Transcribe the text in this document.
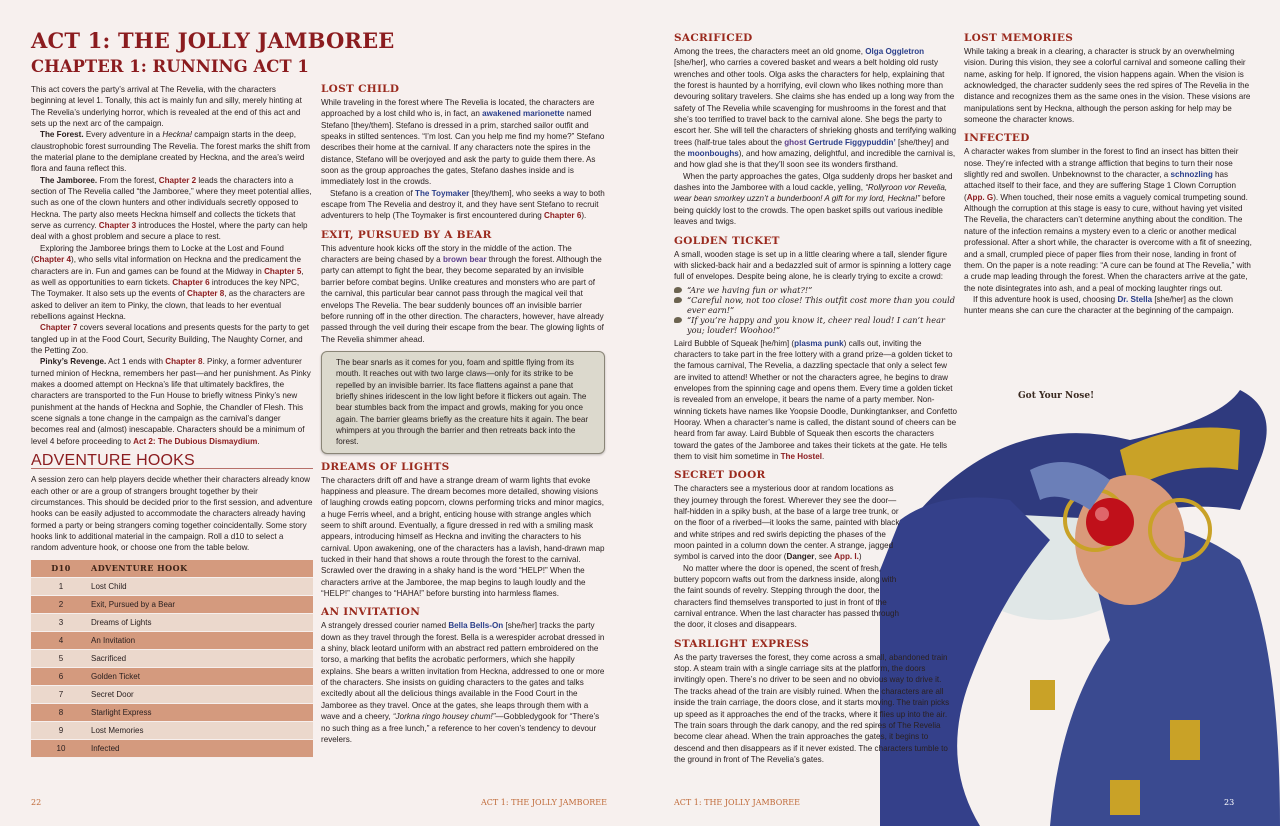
ACT 1: THE JOLLY JAMBOREE
CHAPTER 1: RUNNING ACT 1

This act covers the party’s arrival at The Revelia, with the characters beginning at level 1. Tonally, this act is mainly fun and silly, merely hinting at The Revelia’s underlying horror, which is revealed at the end of this act and sets up the next arc of the campaign.

The Forest. Every adventure in a Heckna! campaign starts in the deep, claustrophobic forest surrounding The Revelia. The forest marks the shift from the material plane to the demiplane created by Heckna, and the area’s weird flora and fauna reflect this.

The Jamboree. From the forest, Chapter 2 leads the characters into a section of The Revelia called “the Jamboree,” where they meet potential allies, such as one of the clown hunters and other individuals secretly opposed to Heckna. The party also meets Heckna himself and collects the tickets that serve as currency. Chapter 3 introduces the Hostel, where the party can help deal with a ghost problem and secure a place to rest.

Exploring the Jamboree brings them to Locke at the Lost and Found (Chapter 4), who sells vital information on Heckna and the predicament the characters are in. Fun and games can be found at the Midway in Chapter 5, as well as opportunities to earn tickets. Chapter 6 introduces the key NPC, The Toymaker. It also sets up the events of Chapter 8, as the characters are asked to deliver an item to Pinky, the clown, that leads to her eventual rebellions against Heckna.

Chapter 7 covers several locations and presents quests for the party to get tangled up in at the Food Court, Security Building, The Naughty Corner, and the Petting Zoo.

Pinky’s Revenge. Act 1 ends with Chapter 8. Pinky, a former adventurer turned minion of Heckna, remembers her past—and her punishment. As Pinky makes a doomed attempt on Heckna’s life that ultimately backfires, the characters are transported to the Fun House to briefly witness Pinky’s new punishment at the hands of Heckna and Sophie, the Chandler of Flesh. This scene signals a tone change in the campaign as the carnival’s danger becomes real and (almost) inescapable. Characters should be a minimum of level 4 before proceeding to Act 2: The Dubious Dismaydium.

ADVENTURE HOOKS

A session zero can help players decide whether their characters already know each other or are a group of strangers brought together by their circumstances. This should be decided prior to the first session, and adventure hooks can be easily adjusted to accommodate the characters already having formed a party or being strangers coming together coincidentally. Some story hooks link to additional material in the campaign. Roll a d10 to select a random adventure hook, or choose one from the table below.

D10	ADVENTURE HOOK
1	Lost Child
2	Exit, Pursued by a Bear
3	Dreams of Lights
4	An Invitation
5	Sacrificed
6	Golden Ticket
7	Secret Door
8	Starlight Express
9	Lost Memories
10	Infected
LOST CHILD

While traveling in the forest where The Revelia is located, the characters are approached by a lost child who is, in fact, an awakened marionette named Stefano [they/them]. Stefano is dressed in a prim, starched sailor outfit and speaks in stilted sentences. “I’m lost. Can you help me find my home?” Stefano describes their home at the carnival. If any characters note the spires in the distance, Stefano will be overjoyed and ask the party to guide them there. As soon as the group approaches the gates, Stefano dashes inside and is immediately lost in the crowds.

Stefano is a creation of The Toymaker [they/them], who seeks a way to both escape from The Revelia and destroy it, and they have sent Stefano to recruit adventurers to help (The Toymaker is first encountered during Chapter 6).

EXIT, PURSUED BY A BEAR

This adventure hook kicks off the story in the middle of the action. The characters are being chased by a brown bear through the forest. Although the party can attempt to fight the bear, they become separated by an invisible barrier before combat begins. Unlike creatures and monsters who are part of the carnival, this particular bear cannot pass through the magical veil that envelops The Revelia. The bear suddenly bounces off an invisible barrier before running off in the other direction. The characters, however, have already passed through the veil during their escape from the bear. The glowing lights of The Revelia shimmer ahead.

The bear snarls as it comes for you, foam and spittle flying from its mouth. It reaches out with two large claws—only for its strike to be repelled by an invisible barrier. Its face flattens against a pane that briefly shines iridescent in the low light before it flickers out again. The bear stumbles back from the impact and growls, making for you once again. The barrier gleams briefly as the creature hits it again. The bear whimpers at you through the barrier and then retreats back into the forest.
DREAMS OF LIGHTS

The characters drift off and have a strange dream of warm lights that evoke happiness and pleasure. The dream becomes more detailed, showing visions of laughing crowds eating popcorn, clowns performing tricks and minor magics, a huge Ferris wheel, and a bright, enticing house with strange angles which seem to shift around. Eventually, a figure dressed in red with a smiling mask appears, introducing himself as Heckna and inviting the characters to his carnival. Upon awakening, one of the characters has a lavish, hand-drawn map tucked in their hand that shows a route through the forest to the carnival. Scrawled over the drawing in a shaky hand is the word “HELP!” When the characters arrive at the Jamboree, the map begins to laugh loudly and the “HELP!” changes to “HAHA!” before bursting into harmless flames.

AN INVITATION

A strangely dressed courier named Bella Bells-On [she/her] tracks the party down as they travel through the forest. Bella is a werespider acrobat dressed in a shiny, black leotard uniform with an abstract red pattern embroidered on the torso, a marking that befits the acrobatic performers, which she happily explains. She bears a written invitation from Heckna, addressed to one or more of the characters. She insists on guiding characters to the gates and talks excitedly about all the delicious things available in the Food Court in the Jamboree as they travel. Once at the gates, she leaps through them with a wave and a cheery, “Jorkna ringo housey chum!”—Gobbledygook for “There’s no such thing as a free lunch,” a reference to her coven’s tendency to devour revelers.

22	ACT 1: THE JOLLY JAMBOREE
Got Your Nose!
SACRIFICED

Among the trees, the characters meet an old gnome, Olga Oggletron [she/her], who carries a covered basket and wears a belt holding old rusty wrenches and other tools. Olga asks the characters for help, explaining that the forest is haunted by a horrifying, evil clown who likes nothing more than devouring solitary travelers. She claims she has ended up a long way from the safety of The Revelia while scavenging for mushrooms in the forest and that she’s too terrified to travel back to the carnival alone. She begs the party to escort her. She will tell the characters of shrieking ghosts and terrifying walking trees (half-true tales about the ghost Gertrude Figgypuddin’ [she/they] and the moonboughs), and how amazing, delightful, and incredible the carnival is, and how glad she is that they’ll soon see its wonders firsthand.

When the party approaches the gates, Olga suddenly drops her basket and dashes into the Jamboree with a loud cackle, yelling, “Rollyroon vor Revelia, wear bean smorkey uzzn’t a bunderboon! A gift for my lord, Heckna!” before being quickly lost to the crowds. The open basket spills out various inedible leaves and twigs.

GOLDEN TICKET

A small, wooden stage is set up in a little clearing where a tall, slender figure with slicked-back hair and a bedazzled suit of armor is spinning a lottery cage full of envelopes. Despite being alone, he is clearly trying to excite a crowd:

“Are we having fun or what?!”
“Careful now, not too close! This outfit cost more than you could ever earn!”
“If you’re happy and you know it, cheer real loud! I can’t hear you; louder! Woohoo!”

Laird Bubble of Squeak [he/him] (plasma punk) calls out, inviting the characters to take part in the free lottery with a grand prize—a golden ticket to the famous carnival, The Revelia, a dazzling spectacle that only a select few are invited to attend! Whether or not the characters agree, he begins to draw envelopes from the spinning cage and opens them. Every time a golden ticket is revealed from an envelope, it bears the name of a party member. Non-winning tickets have names like Yoopsie Doodle, Dunkingtankser, and Confetto Hooray. When a character’s name is called, the distant sound of cheers can be heard from far away. Laird Bubble of Squeak then escorts the characters toward the gates of the Jamboree and takes their tickets at the gate. He tells them to visit him sometime in The Hostel.

SECRET DOOR

The characters see a mysterious door at random locations as they journey through the forest. Wherever they see the door—half-hidden in a spiky bush, at the base of a large tree trunk, or on the floor of a riverbed—it looks the same, painted with black and white stripes and red swirls depicting the phases of the moon painted in a column down the center. A strange, jagged symbol is carved into the door (Danger, see App. I.)

No matter where the door is opened, the scent of fresh, buttery popcorn wafts out from the darkness inside, along with the faint sounds of revelry. Stepping through the door, the characters find themselves transported to just in front of the carnival entrance. When the last character has passed through the door, it closes and disappears.

STARLIGHT EXPRESS

As the party traverses the forest, they come across a small, abandoned train stop. A steam train with a single carriage sits at the platform, the doors invitingly open. There’s no driver to be seen and no obvious way to drive it. The tracks ahead of the train are visibly ruined. When the characters are all inside the train carriage, the doors close, and it starts moving. The train picks up speed as it approaches the end of the tracks, where it flies up into the air. The train soars through the dark canopy, and the red spires of The Revelia become clear ahead. When the train approaches the gates, it begins to descend and then disappears as if it never existed. The characters tumble to the ground in front of The Revelia’s gates.

LOST MEMORIES

While taking a break in a clearing, a character is struck by an overwhelming vision. During this vision, they see a colorful carnival and someone calling their name, asking for help. If ignored, the vision happens again. When the vision is acknowledged, the character suddenly sees the red spires of The Revelia in the distance and recognizes them as the same ones in the vision. These visions are manipulations sent by Heckna, although the person asking for help may be someone the character knows.

INFECTED

A character wakes from slumber in the forest to find an insect has bitten their nose. They’re infected with a strange affliction that begins to turn their nose slightly red and swollen. Unbeknownst to the character, a schnozling has attached itself to their face, and they are suffering Stage 1 Clown Corruption (App. G). When touched, their nose emits a vaguely comical trumpeting sound. Although the corruption at this stage is easy to cure, without having yet visited The Revelia, the characters can’t determine anything about the condition. The nature of the infection remains a mystery even to a cleric or another medical professional. After a short while, the character is overcome with a fit of sneezing, and a small, crumpled piece of paper flies from their nose, landing in front of them. On the paper is a note reading: “A cure can be found at The Revelia,” with a crude map leading through the forest. When the characters arrive at the gate, the note disintegrates into ash, and a peal of mocking laughter rings out.

If this adventure hook is used, choosing Dr. Stella [she/her] as the clown hunter means she can cure the character at the beginning of the campaign.

ACT 1: THE JOLLY JAMBOREE	23
